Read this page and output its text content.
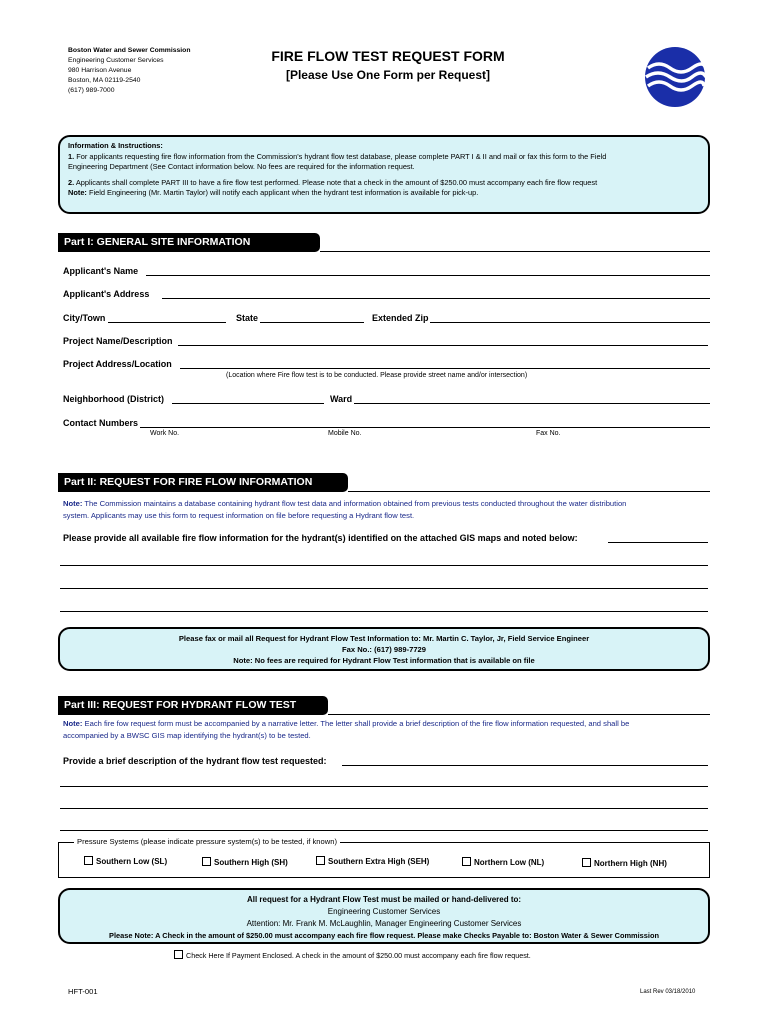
Boston Water and Sewer Commission
Engineering Customer Services
980 Harrison Avenue
Boston, MA 02119-2540
(617) 989-7000
FIRE FLOW TEST REQUEST FORM
[Please Use One Form per Request]
Information & Instructions:
1. For applicants requesting fire flow information from the Commission's hydrant flow test database, please complete PART I & II and mail or fax this form to the Field
Engineering Department (See Contact information below. No fees are required for the information request.
2. Applicants shall complete PART III to have a fire flow test performed. Please note that a check in the amount of $250.00 must accompany each fire flow request
Note: Field Engineering (Mr. Martin Taylor) will notify each applicant when the hydrant test information is available for pick-up.
Part I: GENERAL SITE INFORMATION
Applicant's Name
Applicant's Address
City/Town	State	Extended Zip
Project Name/Description
Project Address/Location
(Location where Fire flow test is to be conducted. Please provide street name and/or intersection)
Neighborhood (District)	Ward
Contact Numbers
Work No.	Mobile No.	Fax No.
Part II: REQUEST FOR FIRE FLOW INFORMATION
Note: The Commission maintains a database containing hydrant flow test data and information obtained from previous tests conducted throughout the water distribution
system. Applicants may use this form to request information on file before requesting a Hydrant flow test.
Please provide all available fire flow information for the hydrant(s) identified on the attached GIS maps and noted below:
Please fax or mail all Request for Hydrant Flow Test Information to: Mr. Martin C. Taylor, Jr, Field Service Engineer
Fax No.: (617) 989-7729
Note: No fees are required for Hydrant Flow Test information that is available on file
Part III: REQUEST FOR HYDRANT FLOW TEST
Note: Each fire fow request form must be accompanied by a narrative letter. The letter shall provide a brief description of the fire flow information requested, and shall be
accompanied by a BWSC GIS map identifying the hydrant(s) to be tested.
Provide a brief description of the hydrant flow test requested:
Pressure Systems (please indicate pressure system(s) to be tested, if known)
Southern Low (SL)	Southern High (SH)	Southern Extra High (SEH)	Northern Low (NL)	Northern High (NH)
All request for a Hydrant Flow Test must be mailed or hand-delivered to:
Engineering Customer Services
Attention: Mr. Frank M. McLaughlin, Manager Engineering Customer Services
Please Note: A Check in the amount of $250.00 must accompany each fire flow request. Please make Checks Payable to: Boston Water & Sewer Commission
Check Here If Payment Enclosed. A check in the amount of $250.00 must accompany each fire flow request.
HFT-001	Last Rev 03/18/2010
